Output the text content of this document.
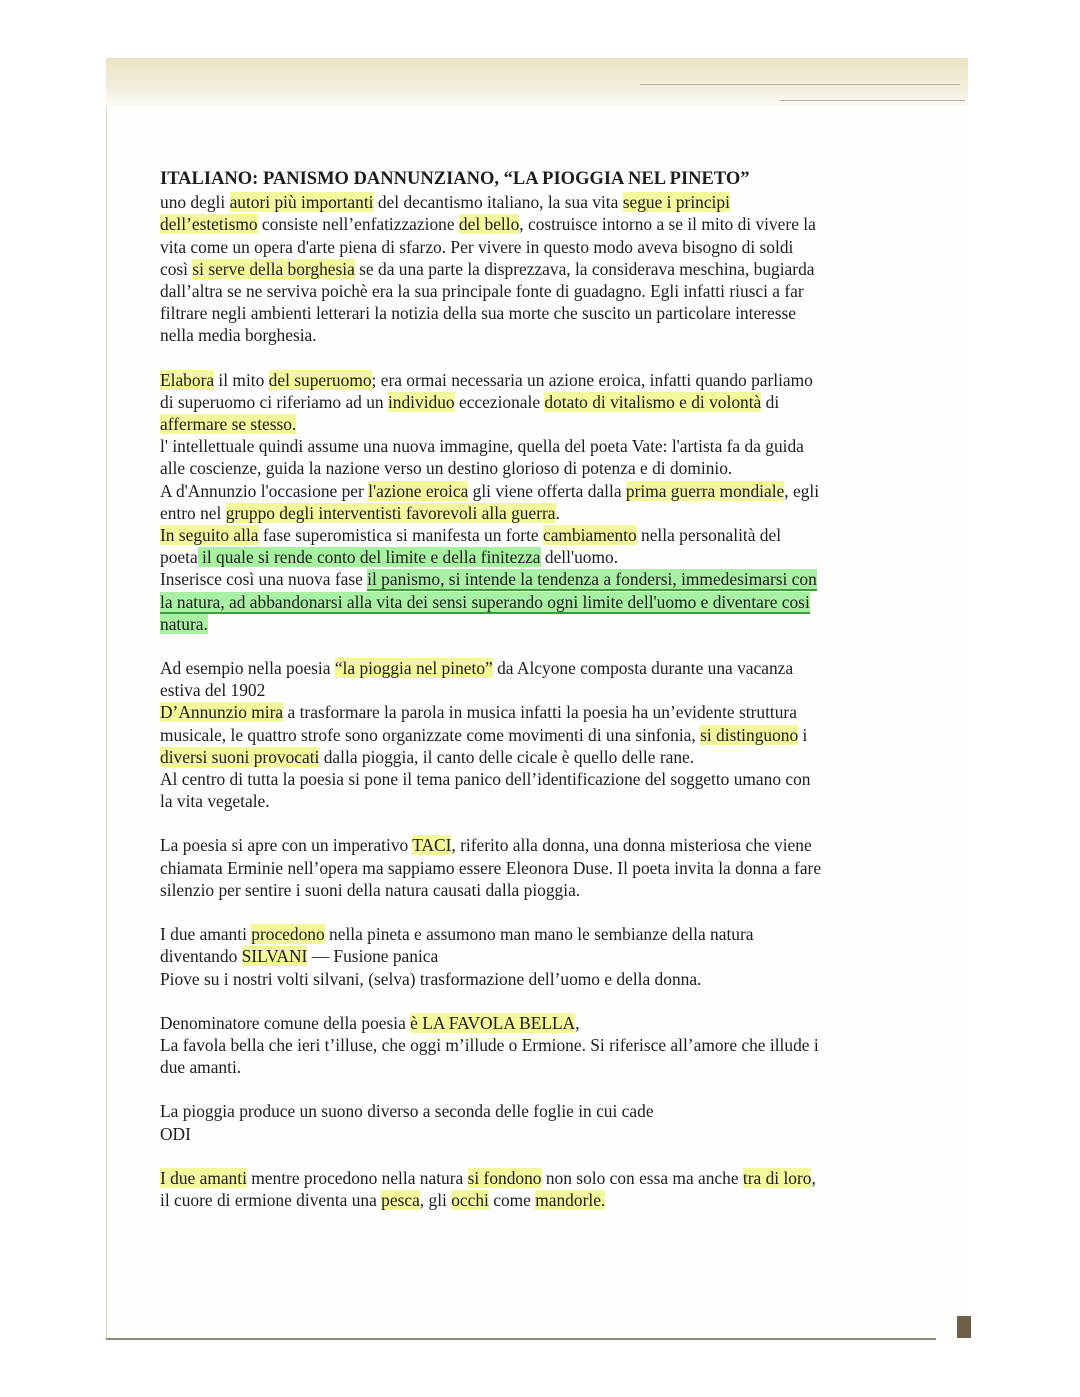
ITALIANO: PANISMO DANNUNZIANO, “LA PIOGGIA NEL PINETO”
uno degli autori più importanti del decantismo italiano, la sua vita segue i principi
dell’estetismo consiste nell’enfatizzazione del bello, costruisce intorno a se il mito di vivere la
vita come un opera d'arte piena di sfarzo. Per vivere in questo modo aveva bisogno di soldi
così si serve della borghesia se da una parte la disprezzava, la considerava meschina, bugiarda
dall’altra se ne serviva poichè era la sua principale fonte di guadagno. Egli infatti riusci a far
filtrare negli ambienti letterari la notizia della sua morte che suscito un particolare interesse
nella media borghesia.
Elabora il mito del superuomo; era ormai necessaria un azione eroica, infatti quando parliamo
di superuomo ci riferiamo ad un individuo eccezionale dotato di vitalismo e di volontà di
affermare se stesso.
l' intellettuale quindi assume una nuova immagine, quella del poeta Vate: l'artista fa da guida
alle coscienze, guida la nazione verso un destino glorioso di potenza e di dominio.
A d'Annunzio l'occasione per l'azione eroica gli viene offerta dalla prima guerra mondiale, egli
entro nel gruppo degli interventisti favorevoli alla guerra.
In seguito alla fase superomistica si manifesta un forte cambiamento nella personalità del
poeta il quale si rende conto del limite e della finitezza dell'uomo.
Inserisce così una nuova fase il panismo, si intende la tendenza a fondersi, immedesimarsi con
la natura, ad abbandonarsi alla vita dei sensi superando ogni limite dell'uomo e diventare cosi
natura.
Ad esempio nella poesia “la pioggia nel pineto” da Alcyone composta durante una vacanza
estiva del 1902
D’Annunzio mira a trasformare la parola in musica infatti la poesia ha un’evidente struttura
musicale, le quattro strofe sono organizzate come movimenti di una sinfonia, si distinguono i
diversi suoni provocati dalla pioggia, il canto delle cicale è quello delle rane.
Al centro di tutta la poesia si pone il tema panico dell’identificazione del soggetto umano con
la vita vegetale.
La poesia si apre con un imperativo TACI, riferito alla donna, una donna misteriosa che viene
chiamata Erminie nell’opera ma sappiamo essere Eleonora Duse. Il poeta invita la donna a fare
silenzio per sentire i suoni della natura causati dalla pioggia.
I due amanti procedono nella pineta e assumono man mano le sembianze della natura
diventando SILVANI — Fusione panica
Piove su i nostri volti silvani, (selva) trasformazione dell’uomo e della donna.
Denominatore comune della poesia è LA FAVOLA BELLA,
La favola bella che ieri t’illuse, che oggi m’illude o Ermione. Si riferisce all’amore che illude i
due amanti.
La pioggia produce un suono diverso a seconda delle foglie in cui cade
ODI
I due amanti mentre procedono nella natura si fondono non solo con essa ma anche tra di loro,
il cuore di ermione diventa una pesca, gli occhi come mandorle.
